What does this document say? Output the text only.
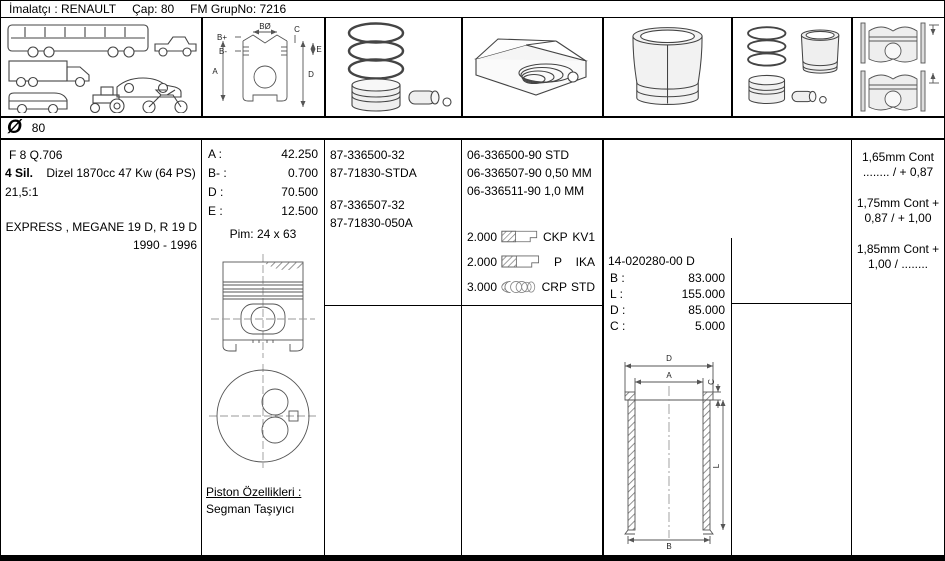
İmalatçı : RENAULT Çap: 80 FM GrupNo: 7216
BØ
B+
B-
A
C
E
D
Ø 80
F 8 Q.706
4 Sil. Dizel 1870cc 47 Kw (64 PS) 21,5:1
EXPRESS , MEGANE 19 D, R 19 D
1990 - 1996
A :	42.250
B- :	0.700
D :	70.500
E :	12.500
Pim: 24 x 63
Piston Özellikleri :
Segman Taşıyıcı
87-336500-32
87-71830-STDA
87-336507-32
87-71830-050A
06-336500-90 STD
06-336507-90 0,50 MM
06-336511-90 1,0 MM
2.000	CKP KV1
2.000	P	IKA
3.000	CRP STD
14-020280-00 D
B :	83.000
L :	155.000
D :	85.000
C :	5.000
D
A
C
L
B
1,65mm Cont
........ / + 0,87
1,75mm Cont +
0,87 / + 1,00
1,85mm Cont +
1,00 / ........
